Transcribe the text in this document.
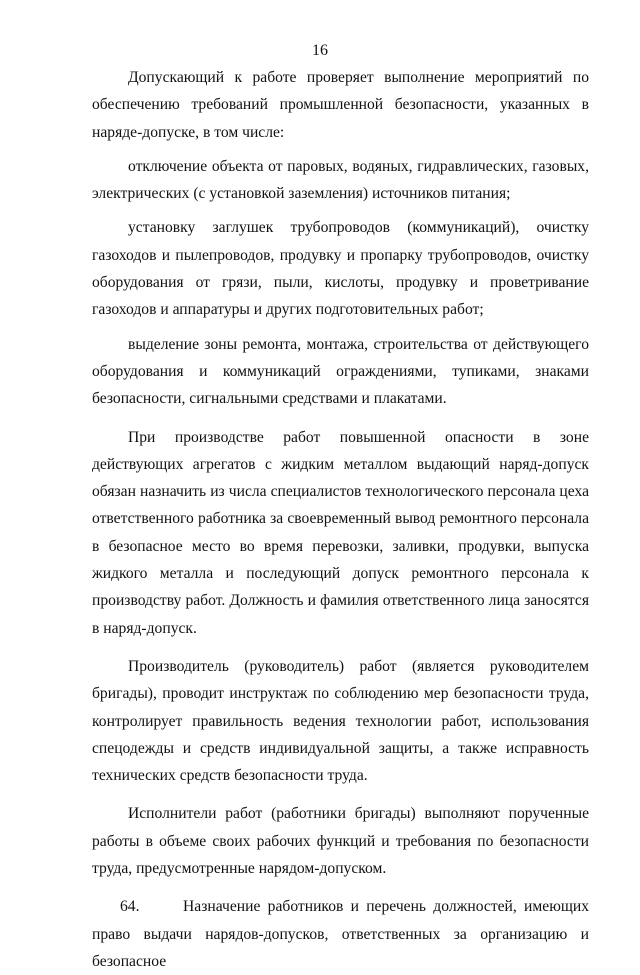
16

Допускающий к работе проверяет выполнение мероприятий по обеспечению требований промышленной безопасности, указанных в наряде-допуске, в том числе:

отключение объекта от паровых, водяных, гидравлических, газовых, электрических (с установкой заземления) источников питания;

установку заглушек трубопроводов (коммуникаций), очистку газоходов и пылепроводов, продувку и пропарку трубопроводов, очистку оборудования от грязи, пыли, кислоты, продувку и проветривание газоходов и аппаратуры и других подготовительных работ;

выделение зоны ремонта, монтажа, строительства от действующего оборудования и коммуникаций ограждениями, тупиками, знаками безопасности, сигнальными средствами и плакатами.

При производстве работ повышенной опасности в зоне действующих агрегатов с жидким металлом выдающий наряд-допуск обязан назначить из числа специалистов технологического персонала цеха ответственного работника за своевременный вывод ремонтного персонала в безопасное место во время перевозки, заливки, продувки, выпуска жидкого металла и последующий допуск ремонтного персонала к производству работ. Должность и фамилия ответственного лица заносятся в наряд-допуск.

Производитель (руководитель) работ (является руководителем бригады), проводит инструктаж по соблюдению мер безопасности труда, контролирует правильность ведения технологии работ, использования спецодежды и средств индивидуальной защиты, а также исправность технических средств безопасности труда.

Исполнители работ (работники бригады) выполняют порученные работы в объеме своих рабочих функций и требования по безопасности труда, предусмотренные нарядом-допуском.

64.	Назначение работников и перечень должностей, имеющих право выдачи нарядов-допусков, ответственных за организацию и безопасное
